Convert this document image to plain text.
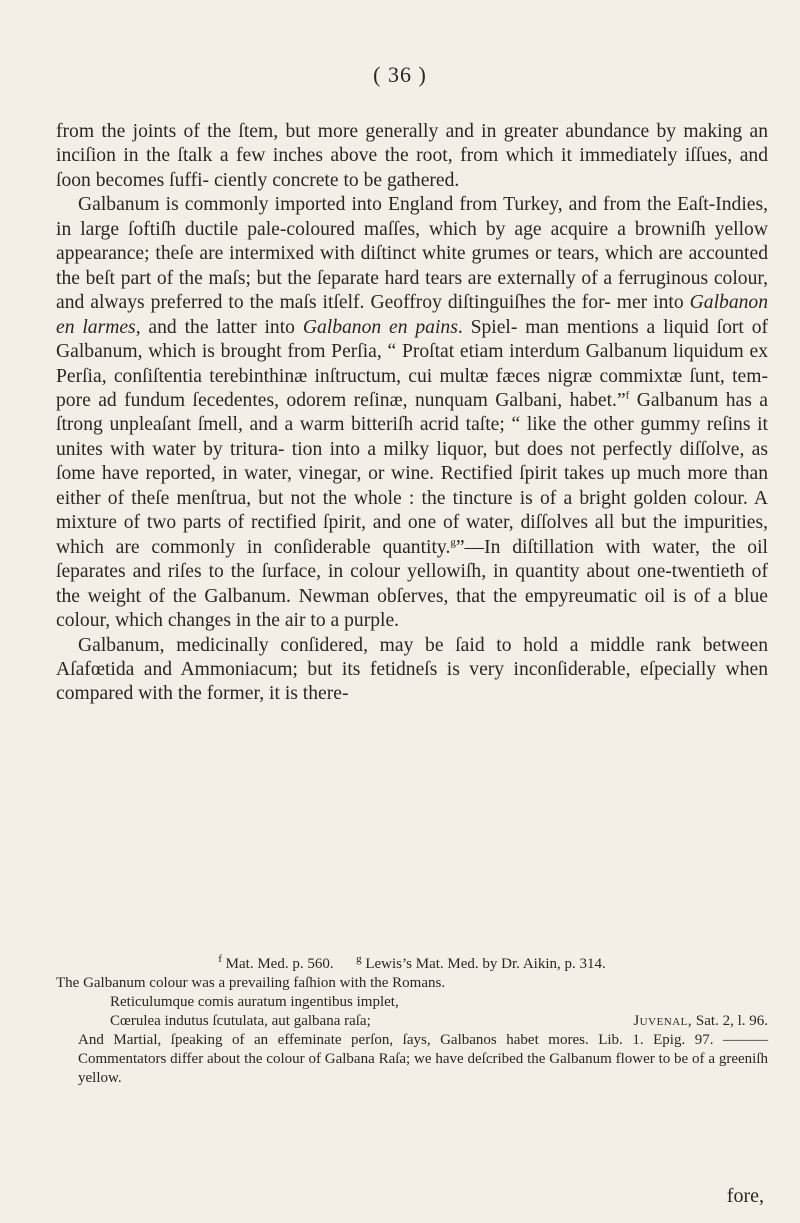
( 36 )

from the joints of the ſtem, but more generally and in greater abundance by making an inciſion in the ſtalk a few inches above the root, from which it immediately iſſues, and ſoon becomes ſuffi- ciently concrete to be gathered.

Galbanum is commonly imported into England from Turkey, and from the Eaſt-Indies, in large ſoftiſh ductile pale-coloured maſſes, which by age acquire a browniſh yellow appearance; theſe are intermixed with diſtinct white grumes or tears, which are accounted the beſt part of the maſs; but the ſeparate hard tears are externally of a ferruginous colour, and always preferred to the maſs itſelf. Geoffroy diſtinguiſhes the for- mer into Galbanon en larmes, and the latter into Galbanon en pains. Spiel- man mentions a liquid ſort of Galbanum, which is brought from Perſia, “ Proſtat etiam interdum Galbanum liquidum ex Perſia, conſiſtentia terebinthinæ inſtructum, cui multæ fæces nigræ commixtæ ſunt, tem- pore ad fundum ſecedentes, odorem reſinæ, nunquam Galbani, habet.”$^f$ Galbanum has a ſtrong unpleaſant ſmell, and a warm bitteriſh acrid taſte; “ like the other gummy reſins it unites with water by tritura- tion into a milky liquor, but does not perfectly diſſolve, as ſome have reported, in water, vinegar, or wine. Rectified ſpirit takes up much more than either of theſe menſtrua, but not the whole : the tincture is of a bright golden colour. A mixture of two parts of rectified ſpirit, and one of water, diſſolves all but the impurities, which are commonly in conſiderable quantity.$^g$”—In diſtillation with water, the oil ſeparates and riſes to the ſurface, in colour yellowiſh, in quantity about one-twentieth of the weight of the Galbanum. Newman obſerves, that the empyreumatic oil is of a blue colour, which changes in the air to a purple.

Galbanum, medicinally conſidered, may be ſaid to hold a middle rank between Aſafœtida and Ammoniacum; but its fetidneſs is very inconſiderable, eſpecially when compared with the former, it is there-

$^f$ Mat. Med. p. 560. $^g$ Lewis’s Mat. Med. by Dr. Aikin, p. 314.

The Galbanum colour was a prevailing faſhion with the Romans.

Reticulumque comis auratum ingentibus implet,

Cœrulea indutus ſcutulata, aut galbana raſa;	Juvenal, Sat. 2, l. 96.

And Martial, ſpeaking of an effeminate perſon, ſays, Galbanos habet mores. Lib. 1. Epig. 97. ——— Commentators differ about the colour of Galbana Raſa; we have deſcribed the Galbanum flower to be of a greeniſh yellow.

fore,
